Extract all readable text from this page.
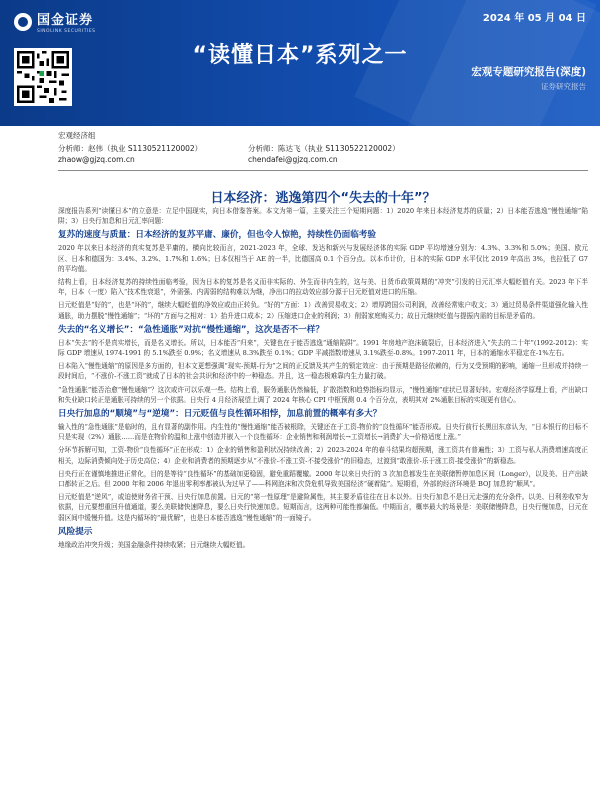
国金证券
SINOLINK SECURITIES
2024 年 05 月 04 日
“读懂日本”系列之一
宏观专题研究报告(深度)
证券研究报告
宏观经济组
分析师：赵伟（执业 S1130521120002）
zhaow@gjzq.com.cn
分析师：陈达飞（执业 S1130522120002）
chendafei@gjzq.com.cn
日本经济：逃逸第四个“失去的十年”？

深度报告系列“读懂日本”的立意是：立足中国现实，向日本借鉴答案。本文为第一篇，主要关注三个短期问题：1）2020 年来日本经济复苏的质量；2）日本能否逃逸“慢性通缩”陷阱；3）日央行加息和日元汇率问题：

复苏的速度与质量：日本经济的复苏平庸、廉价，但也令人惊艳，持续性仍面临考验

2020 年以来日本经济的真实复苏是平庸的。横向比较而言，2021-2023 年，全球、发达和新兴与发展经济体的实际 GDP 平均增速分别为：4.3%、3.3%和 5.0%；美国、欧元区、日本和德国为：3.4%、3.2%、1.7%和 1.6%；日本仅相当于 AE 的一半，比德国高 0.1 个百分点。以本币计价，日本的实际 GDP 水平仅比 2019 年高出 3%，也拉低了 G7 的平均值。

结构上看，日本经济复苏的持续性面临考验，因为日本的复苏是名义而非实际的、外生而非内生的，这与美、日货币政策周期的“冲突”引发的日元汇率大幅贬值有关。2023 年下半年，日本（一度）陷入“技术性衰退”，外需强、内需弱的结构难以为继，净出口的拉动效应部分源于日元贬值对进口的压缩。

日元贬值是“好的”，也是“坏的”，继续大幅贬值的净效应或由正转负。“好的”方面：1）改善贸易收支；2）增厚跨国公司利润，改善经常账户收支；3）通过贸易条件渠道强化输入性通胀，助力摆脱“慢性通缩”；“坏的”方面与之相对：1）抬升进口成本；2）压缩进口企业的利润；3）削弱家庭购买力；故日元继续贬值与提振内需的目标是矛盾的。

失去的“名义增长”：“急性通胀”对抗“慢性通缩”，这次是否不一样？

日本“失去”的不是真实增长，而是名义增长。所以，日本能否“归来”，关键也在于能否逃逸“通缩陷阱”。1991 年房地产泡沫破裂后，日本经济进入“失去的二十年”(1992-2012)：实际 GDP 增速从 1974-1991 的 5.1%跌至 0.9%；名义增速从 8.3%跌至 0.1%；GDP 平减指数增速从 3.1%跌至-0.8%。1997-2011 年，日本的通缩水平稳定在-1%左右。

日本陷入“慢性通缩”的原因是多方面的，但本文更想强调“现实-预期-行为”之间的正反馈及其产生的锁定效应：由于预期是路径依赖的，行为又受预期的影响，通缩一旦形成并持续一段时间后，“不涨价-不涨工资”就成了日本的社会共识和经济中的一种稳态。并且，这一稳态极难靠内生力量打破。

“急性通胀”能否治愈“慢性通缩”？这次或许可以乐观一些。结构上看，服务通胀仍然偏低，扩散指数和趋势指标均显示，“慢性通缩”症状已显著好转。宏观经济学原理上看，产出缺口和失业缺口转正是通胀可持续的另一个依据。日央行 4 月经济展望上调了 2024 年核心 CPI 中枢预测 0.4 个百分点，表明其对 2%通胀目标的实现更有信心。

日央行加息的“顺境”与“逆境”：日元贬值与良性循环相悖，加息前置的概率有多大？

输入性的“急性通胀”是临时的，且有显著的副作用。内生性的“慢性通缩”能否被根除，关键还在于工资-物价的“良性循环”能否形成。日央行前行长黑田东彦认为，“日本银行的目标不只是实现（2%）通胀……而是在物价的温和上涨中创造并嵌入一个良性循环：企业销售和利润增长→工资增长→消费扩大→价格适度上涨。”

分环节拆解可知，工资-物价“良性循环”正在形成：1）企业的销售和盈利状况持续改善；2）2023-2024 年的春斗结果均超预期，涨工资共有普遍性；3）工资与私人消费增速高度正相关，边际消费倾向处于历史高位；4）企业和消费者的预期逐步从“不涨价-不涨工资-不接受涨价”的旧稳态，过渡到“敢涨价-乐于涨工资-接受涨价”的新稳态。

日央行正在谨慎地推进正常化，目的是等待“良性循环”的基础加更稳固，避免重蹈覆辙。2000 年以来日央行的 3 次加息都发生在美联储暂停加息区间（Longer），以及美、日产出缺口都转正之后。但 2000 年和 2006 年退出零利率都被认为过早了——科网泡沫和次贷危机导致美国经济“硬着陆”。短期看，外部的经济环境是 BOJ 加息的“顺风”。

日元贬值是“逆风”，或迫使财务省干预、日央行加息前置。日元的“第一性原理”是避险属性，其主要矛盾往往在日本以外。日央行加息不是日元走强的充分条件。以美、日利差收窄为依据，日元要想重回升值通道，要么美联储快速降息，要么日央行快速加息。短期而言，这两种可能性都偏低。中期而言，概率最大的场景是：美联储慢降息，日央行慢加息，日元在弱区间中缓慢升值。这是内循环的“最优解”，也是日本能否逃逸“慢性通缩”的一面镜子。

风险提示

地缘政治冲突升级；美国金融条件持续收紧；日元继续大幅贬值。
